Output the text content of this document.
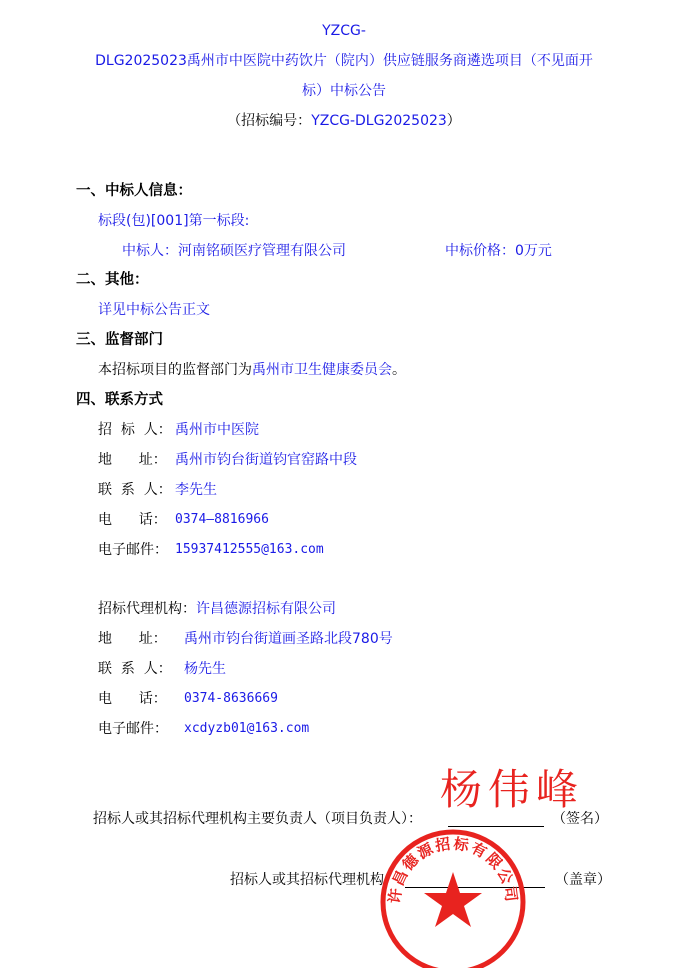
YZCG-
DLG2025023禹州市中医院中药饮片（院内）供应链服务商遴选项目（不见面开
标）中标公告
（招标编号：YZCG-DLG2025023）
一、中标人信息：
标段(包)[001]第一标段:
中标人：河南铭硕医疗管理有限公司	中标价格：0万元
二、其他：
详见中标公告正文
三、监督部门
本招标项目的监督部门为禹州市卫生健康委员会。
四、联系方式
招  标  人： 禹州市中医院
地      址： 禹州市钧台街道钧官窑路中段
联  系  人： 李先生
电      话： 0374—8816966
电子邮件： 15937412555@163.com
招标代理机构：许昌德源招标有限公司
地      址： 禹州市钧台街道画圣路北段780号
联  系  人： 杨先生
电      话： 0374-8636669
电子邮件： xcdyzb01@163.com
杨伟峰
招标人或其招标代理机构主要负责人（项目负责人）：	（签名）
招标人或其招标代理机构：	（盖章）
许昌德源招标有限公司
